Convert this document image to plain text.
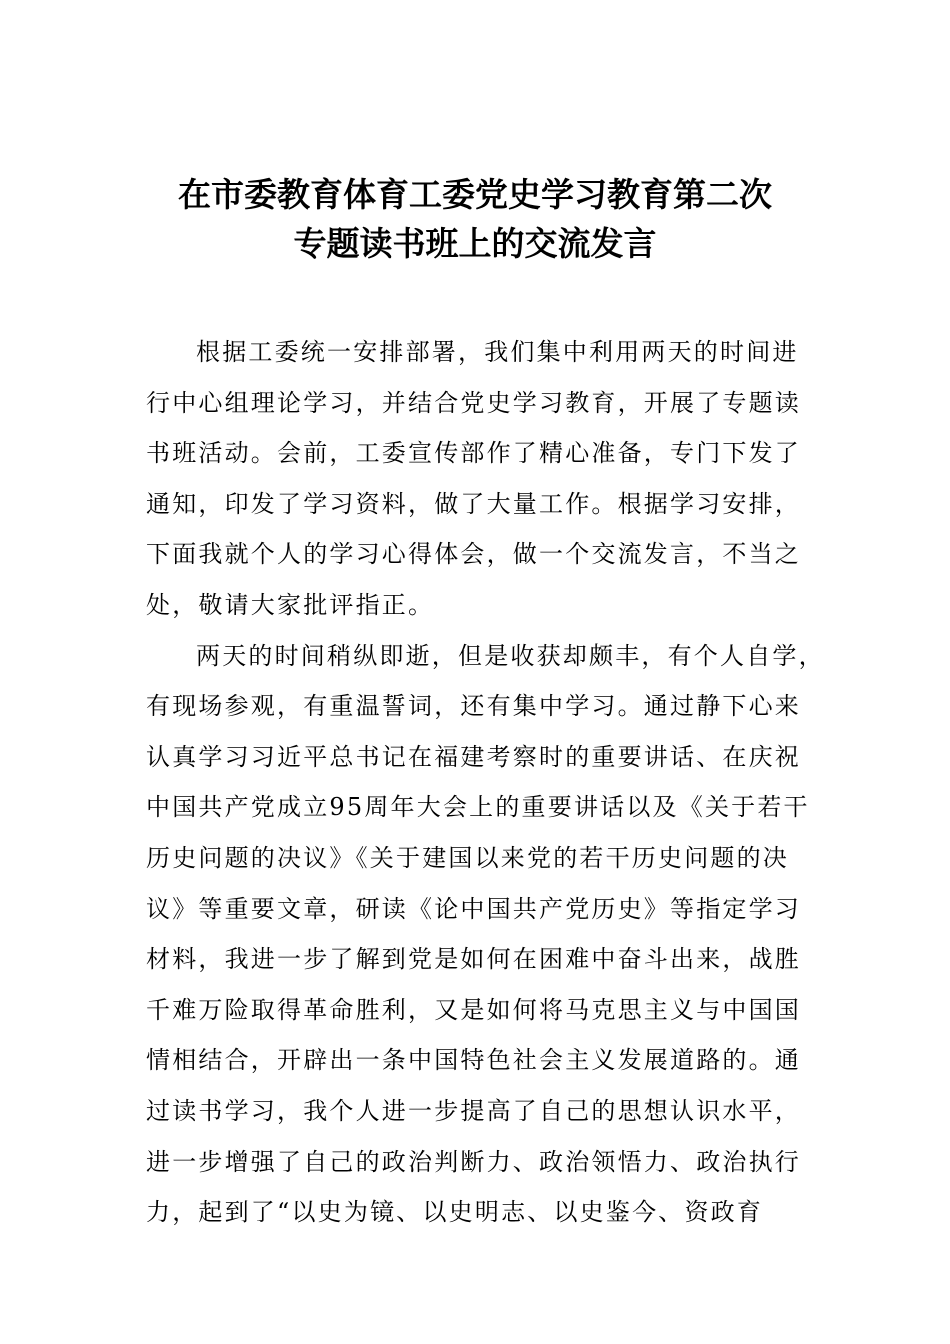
在市委教育体育工委党史学习教育第二次
专题读书班上的交流发言
根据工委统一安排部署，我们集中利用两天的时间进
行中心组理论学习，并结合党史学习教育，开展了专题读
书班活动。会前，工委宣传部作了精心准备，专门下发了
通知，印发了学习资料，做了大量工作。根据学习安排，
下面我就个人的学习心得体会，做一个交流发言，不当之
处，敬请大家批评指正。
两天的时间稍纵即逝，但是收获却颇丰，有个人自学，
有现场参观，有重温誓词，还有集中学习。通过静下心来
认真学习习近平总书记在福建考察时的重要讲话、在庆祝
中国共产党成立95周年大会上的重要讲话以及《关于若干
历史问题的决议》《关于建国以来党的若干历史问题的决
议》等重要文章，研读《论中国共产党历史》等指定学习
材料，我进一步了解到党是如何在困难中奋斗出来，战胜
千难万险取得革命胜利，又是如何将马克思主义与中国国
情相结合，开辟出一条中国特色社会主义发展道路的。通
过读书学习，我个人进一步提高了自己的思想认识水平，
进一步增强了自己的政治判断力、政治领悟力、政治执行
力，起到了“以史为镜、以史明志、以史鉴今、资政育
